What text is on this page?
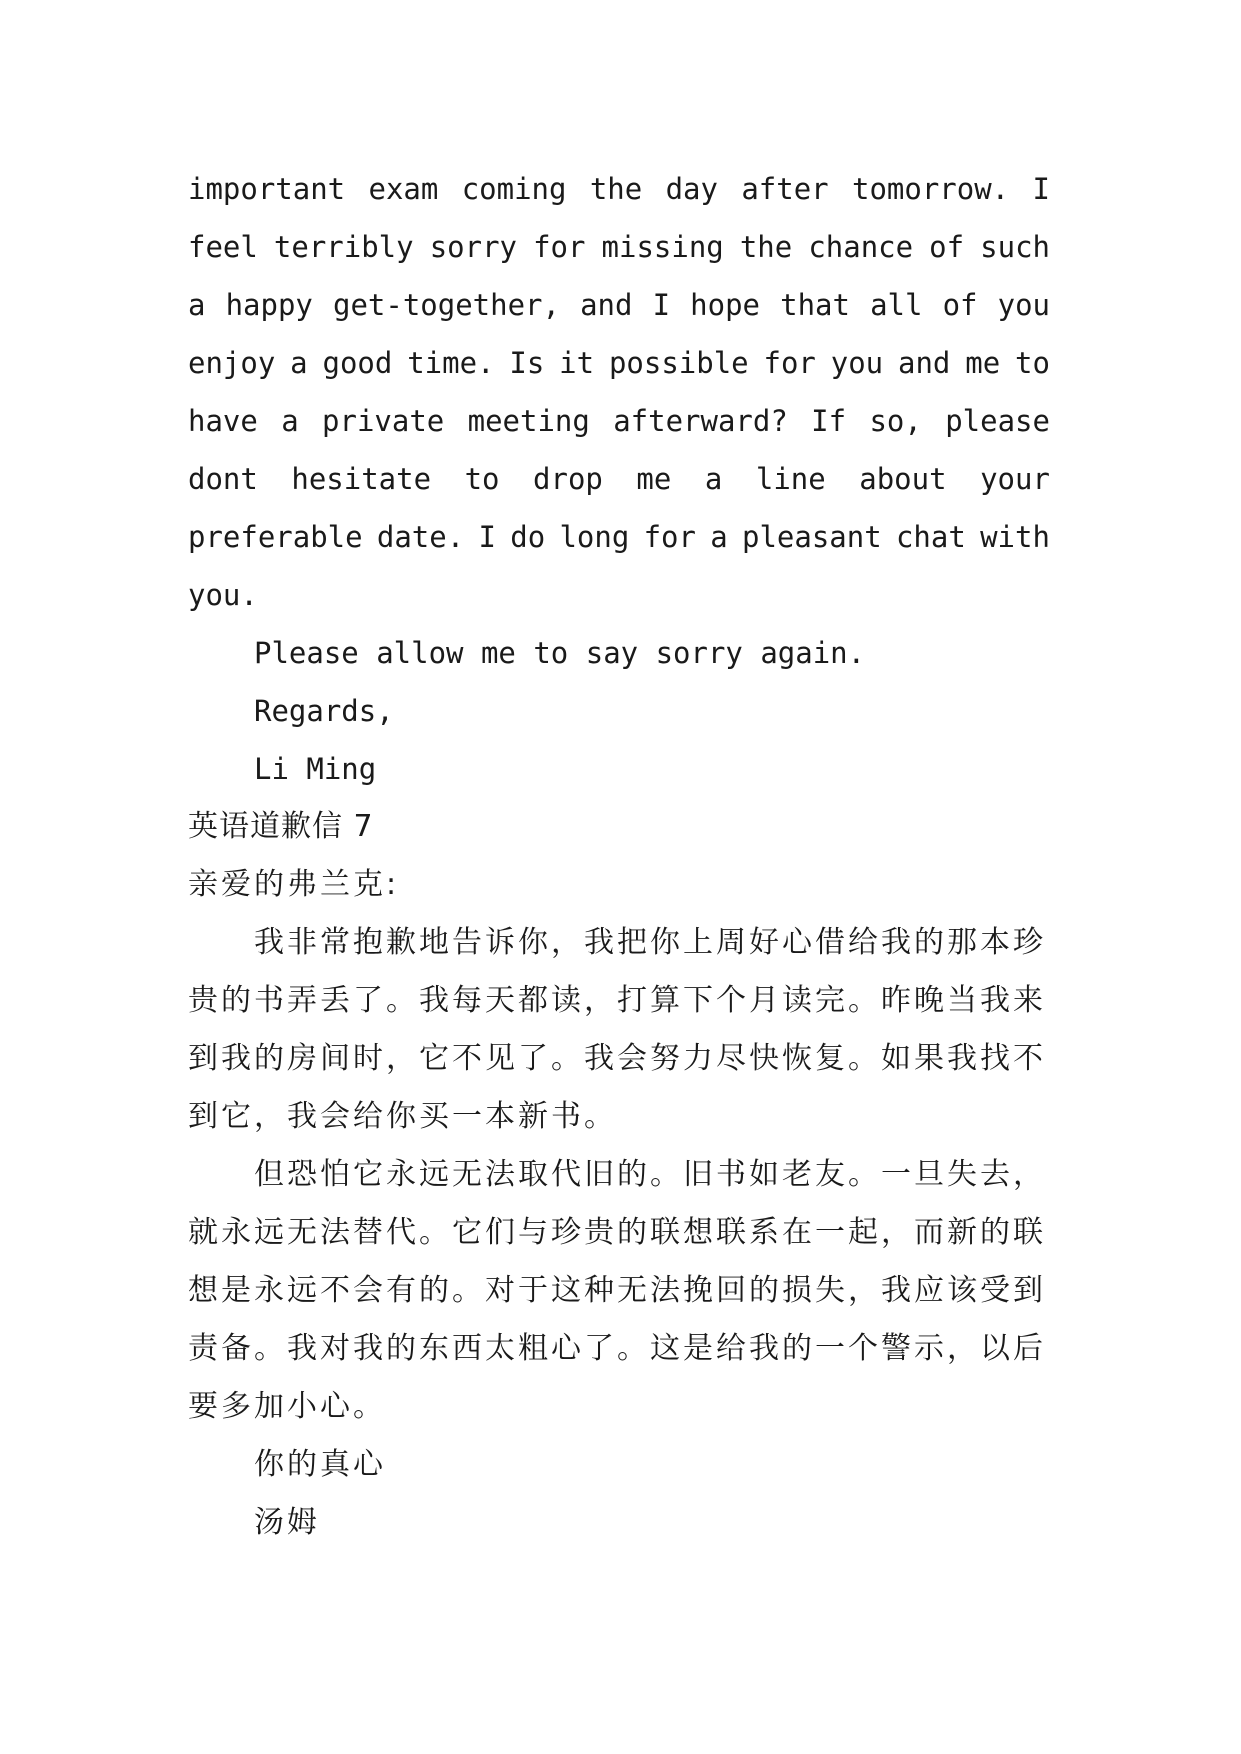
important exam coming the day after tomorrow. I
feel terribly sorry for missing the chance of such
a happy get-together, and I hope that all of you
enjoy a good time. Is it possible for you and me to
have a private meeting afterward? If so, please
dont hesitate to drop me a line about your
preferable date. I do long for a pleasant chat with
you.
Please allow me to say sorry again.
Regards,
Li Ming
英语道歉信 7
亲爱的弗兰克:
我非常抱歉地告诉你，我把你上周好心借给我的那本珍
贵的书弄丢了。我每天都读，打算下个月读完。昨晚当我来
到我的房间时，它不见了。我会努力尽快恢复。如果我找不
到它，我会给你买一本新书。
但恐怕它永远无法取代旧的。旧书如老友。一旦失去，
就永远无法替代。它们与珍贵的联想联系在一起，而新的联
想是永远不会有的。对于这种无法挽回的损失，我应该受到
责备。我对我的东西太粗心了。这是给我的一个警示，以后
要多加小心。
你的真心
汤姆
